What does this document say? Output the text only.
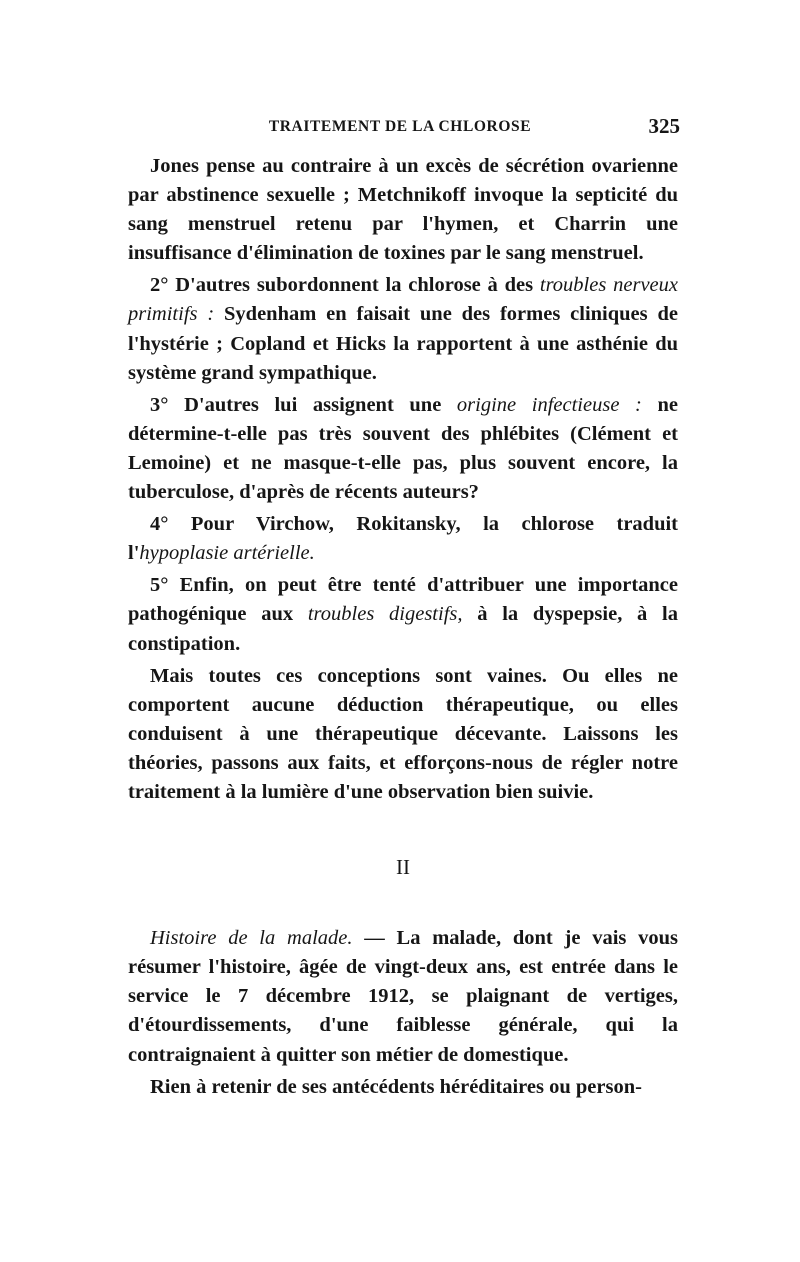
TRAITEMENT DE LA CHLOROSE	325

Jones pense au contraire à un excès de sécrétion ovarienne par abstinence sexuelle ; Metchnikoff invoque la septicité du sang menstruel retenu par l'hymen, et Charrin une insuffisance d'élimination de toxines par le sang menstruel.

2° D'autres subordonnent la chlorose à des troubles nerveux primitifs : Sydenham en faisait une des formes cliniques de l'hystérie ; Copland et Hicks la rapportent à une asthénie du système grand sympathique.

3° D'autres lui assignent une origine infectieuse : ne détermine-t-elle pas très souvent des phlébites (Clément et Lemoine) et ne masque-t-elle pas, plus souvent encore, la tuberculose, d'après de récents auteurs?

4° Pour Virchow, Rokitansky, la chlorose traduit l'hypoplasie artérielle.

5° Enfin, on peut être tenté d'attribuer une importance pathogénique aux troubles digestifs, à la dyspepsie, à la constipation.

Mais toutes ces conceptions sont vaines. Ou elles ne comportent aucune déduction thérapeutique, ou elles conduisent à une thérapeutique décevante. Laissons les théories, passons aux faits, et efforçons-nous de régler notre traitement à la lumière d'une observation bien suivie.

II

Histoire de la malade. — La malade, dont je vais vous résumer l'histoire, âgée de vingt-deux ans, est entrée dans le service le 7 décembre 1912, se plaignant de vertiges, d'étourdissements, d'une faiblesse générale, qui la contraignaient à quitter son métier de domestique.

Rien à retenir de ses antécédents héréditaires ou person-
